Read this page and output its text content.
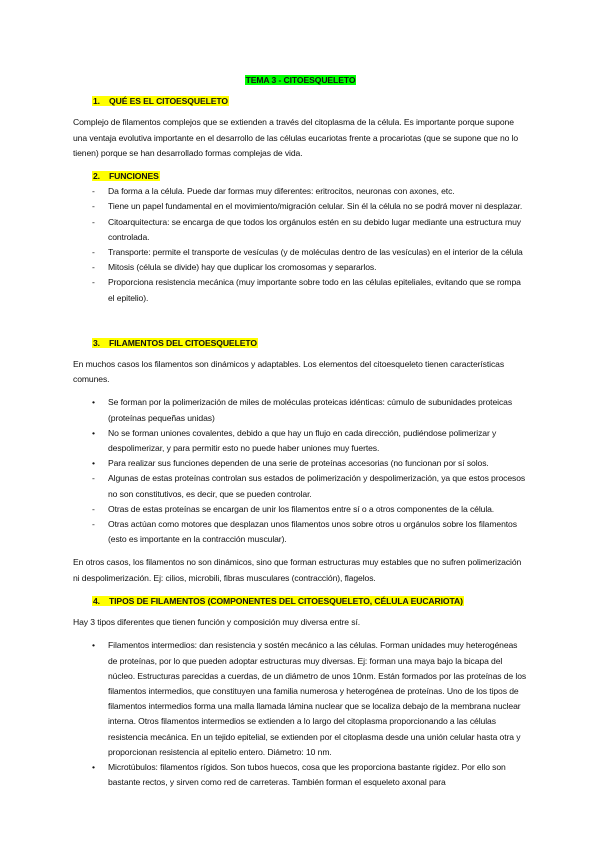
TEMA 3 - CITOESQUELETO
1. QUÉ ES EL CITOESQUELETO

Complejo de filamentos complejos que se extienden a través del citoplasma de la célula. Es importante porque supone una ventaja evolutiva importante en el desarrollo de las células eucariotas frente a procariotas (que se supone que no lo tienen) porque se han desarrollado formas complejas de vida.

2. FUNCIONES
-	Da forma a la célula. Puede dar formas muy diferentes: eritrocitos, neuronas con axones, etc.
-	Tiene un papel fundamental en el movimiento/migración celular. Sin él la célula no se podrá mover ni desplazar.
-	Citoarquitectura: se encarga de que todos los orgánulos estén en su debido lugar mediante una estructura muy controlada.
-	Transporte: permite el transporte de vesículas (y de moléculas dentro de las vesículas) en el interior de la célula
-	Mitosis (célula se divide) hay que duplicar los cromosomas y separarlos.
-	Proporciona resistencia mecánica (muy importante sobre todo en las células epiteliales, evitando que se rompa el epitelio).
3. FILAMENTOS DEL CITOESQUELETO

En muchos casos los filamentos son dinámicos y adaptables. Los elementos del citoesqueleto tienen características comunes.

•	Se forman por la polimerización de miles de moléculas proteicas idénticas: cúmulo de subunidades proteicas (proteínas pequeñas unidas)
•	No se forman uniones covalentes, debido a que hay un flujo en cada dirección, pudiéndose polimerizar y despolimerizar, y para permitir esto no puede haber uniones muy fuertes.
•	Para realizar sus funciones dependen de una serie de proteínas accesorias (no funcionan por sí solos.
-	Algunas de estas proteínas controlan sus estados de polimerización y despolimerización, ya que estos procesos no son constitutivos, es decir, que se pueden controlar.
-	Otras de estas proteínas se encargan de unir los filamentos entre sí o a otros componentes de la célula.
-	Otras actúan como motores que desplazan unos filamentos unos sobre otros u orgánulos sobre los filamentos (esto es importante en la contracción muscular).

En otros casos, los filamentos no son dinámicos, sino que forman estructuras muy estables que no sufren polimerización ni despolimerización. Ej: cilios, microbili, fibras musculares (contracción), flagelos.

4. TIPOS DE FILAMENTOS (COMPONENTES DEL CITOESQUELETO, CÉLULA EUCARIOTA)

Hay 3 tipos diferentes que tienen función y composición muy diversa entre sí.

•	Filamentos intermedios: dan resistencia y sostén mecánico a las células. Forman unidades muy heterogéneas de proteínas, por lo que pueden adoptar estructuras muy diversas. Ej: forman una maya bajo la bicapa del núcleo. Estructuras parecidas a cuerdas, de un diámetro de unos 10nm. Están formados por las proteínas de los filamentos intermedios, que constituyen una familia numerosa y heterogénea de proteínas. Uno de los tipos de filamentos intermedios forma una malla llamada lámina nuclear que se localiza debajo de la membrana nuclear interna. Otros filamentos intermedios se extienden a lo largo del citoplasma proporcionando a las células resistencia mecánica. En un tejido epitelial, se extienden por el citoplasma desde una unión celular hasta otra y proporcionan resistencia al epitelio entero. Diámetro: 10 nm.
•	Microtúbulos: filamentos rígidos. Son tubos huecos, cosa que les proporciona bastante rigidez. Por ello son bastante rectos, y sirven como red de carreteras. También forman el esqueleto axonal para
